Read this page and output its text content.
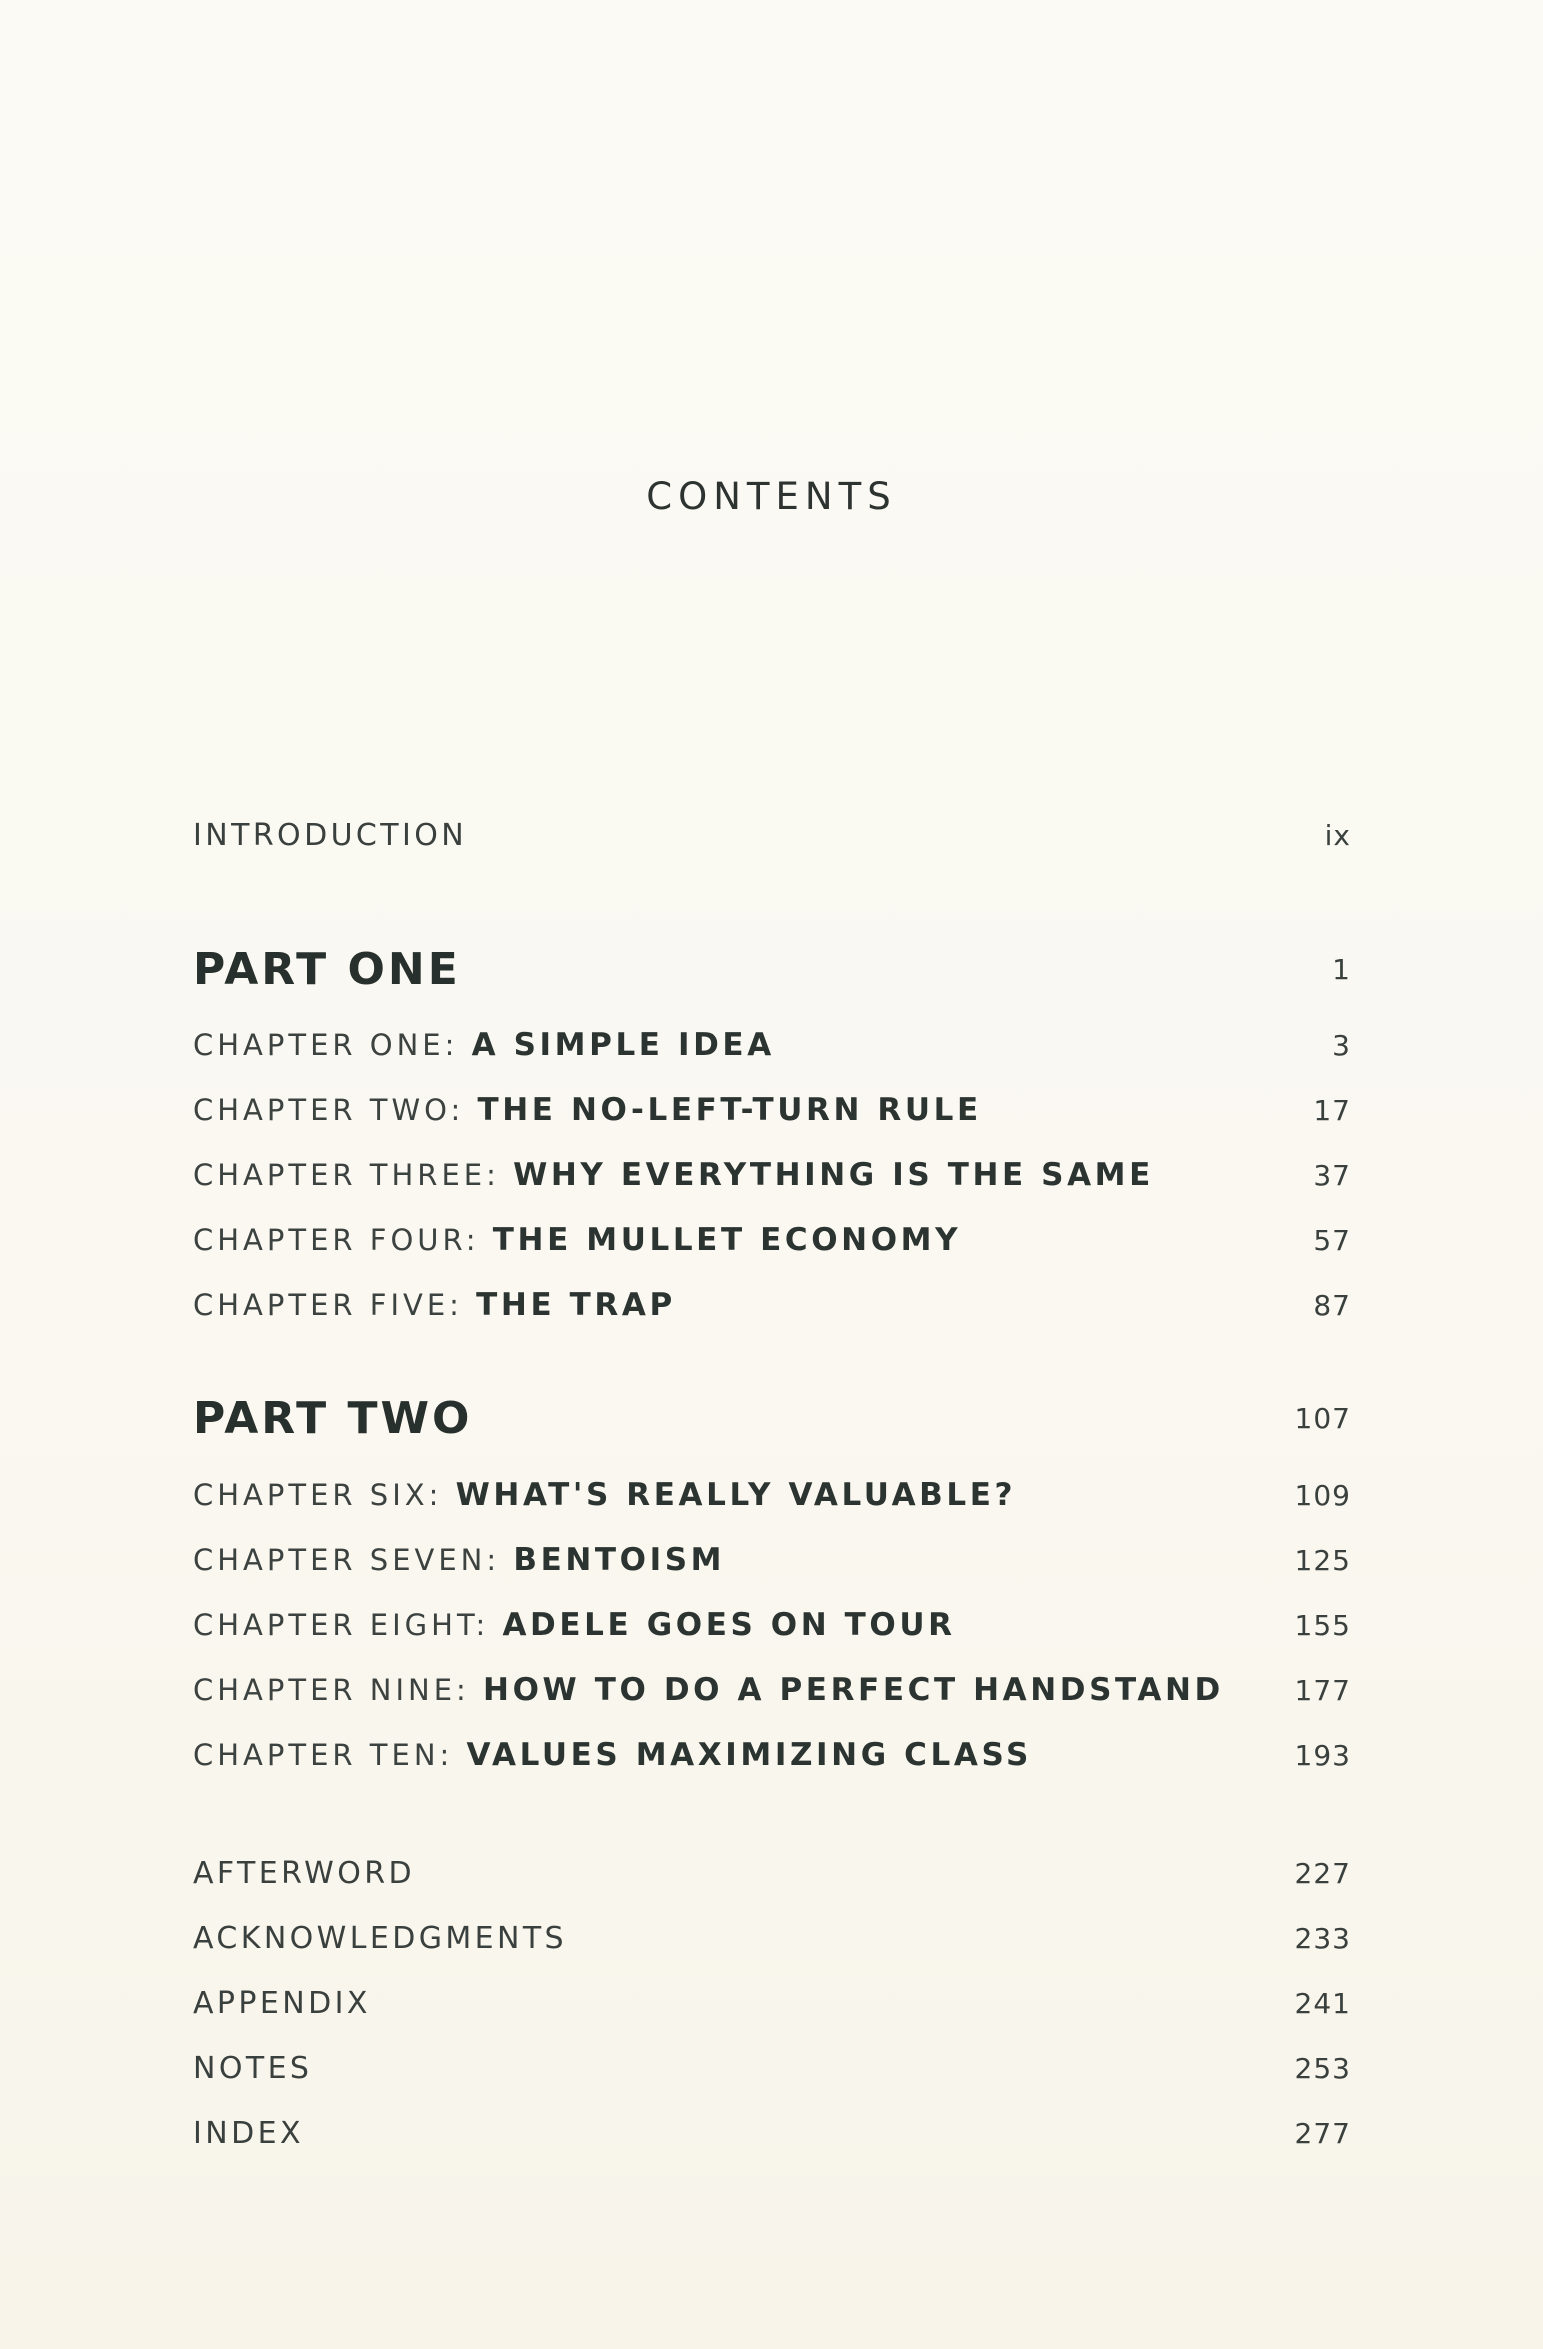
CONTENTS
INTRODUCTION	ix
PART ONE	1
CHAPTER ONE: A SIMPLE IDEA	3
CHAPTER TWO: THE NO-LEFT-TURN RULE	17
CHAPTER THREE: WHY EVERYTHING IS THE SAME	37
CHAPTER FOUR: THE MULLET ECONOMY	57
CHAPTER FIVE: THE TRAP	87
PART TWO	107
CHAPTER SIX: WHAT'S REALLY VALUABLE?	109
CHAPTER SEVEN: BENTOISM	125
CHAPTER EIGHT: ADELE GOES ON TOUR	155
CHAPTER NINE: HOW TO DO A PERFECT HANDSTAND	177
CHAPTER TEN: VALUES MAXIMIZING CLASS	193
AFTERWORD	227
ACKNOWLEDGMENTS	233
APPENDIX	241
NOTES	253
INDEX	277
